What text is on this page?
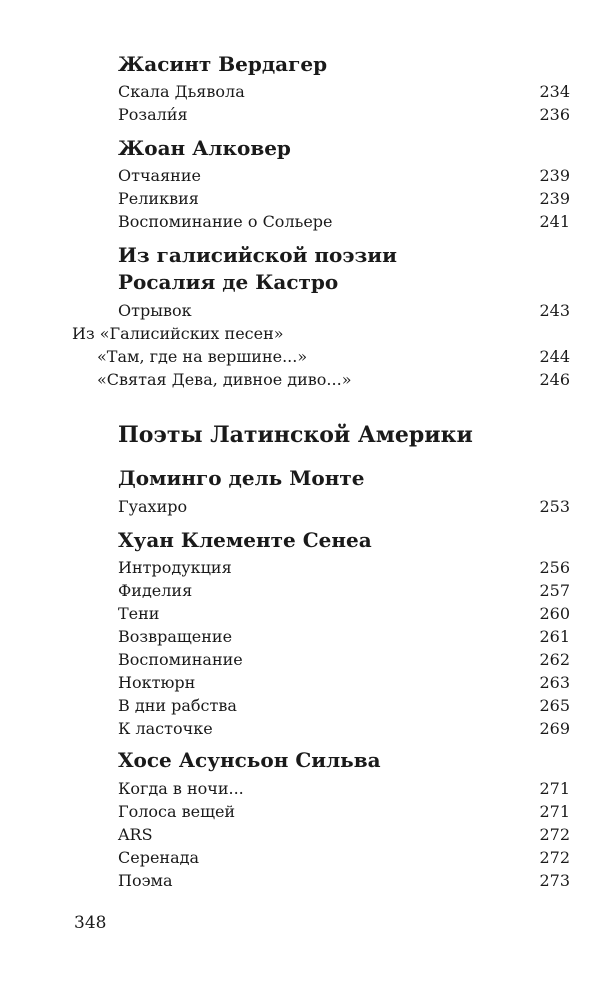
Жасинт Вердагер
Скала Дьявола	234
Розали́я	236
Жоан Алковер
Отчаяние	239
Реликвия	239
Воспоминание о Сольере	241
Из галисийской поэзии
Росалия де Кастро
Отрывок	243
Из «Галисийских песен»
«Там, где на вершине...»	244
«Святая Дева, дивное диво...»	246
Поэты Латинской Америки
Доминго дель Монте
Гуахиро	253
Хуан Клементе Сенеа
Интродукция	256
Фиделия	257
Тени	260
Возвращение	261
Воспоминание	262
Ноктюрн	263
В дни рабства	265
К ласточке	269
Хосе Асунсьон Сильва
Когда в ночи...	271
Голоса вещей	271
ARS	272
Серенада	272
Поэма	273
348
